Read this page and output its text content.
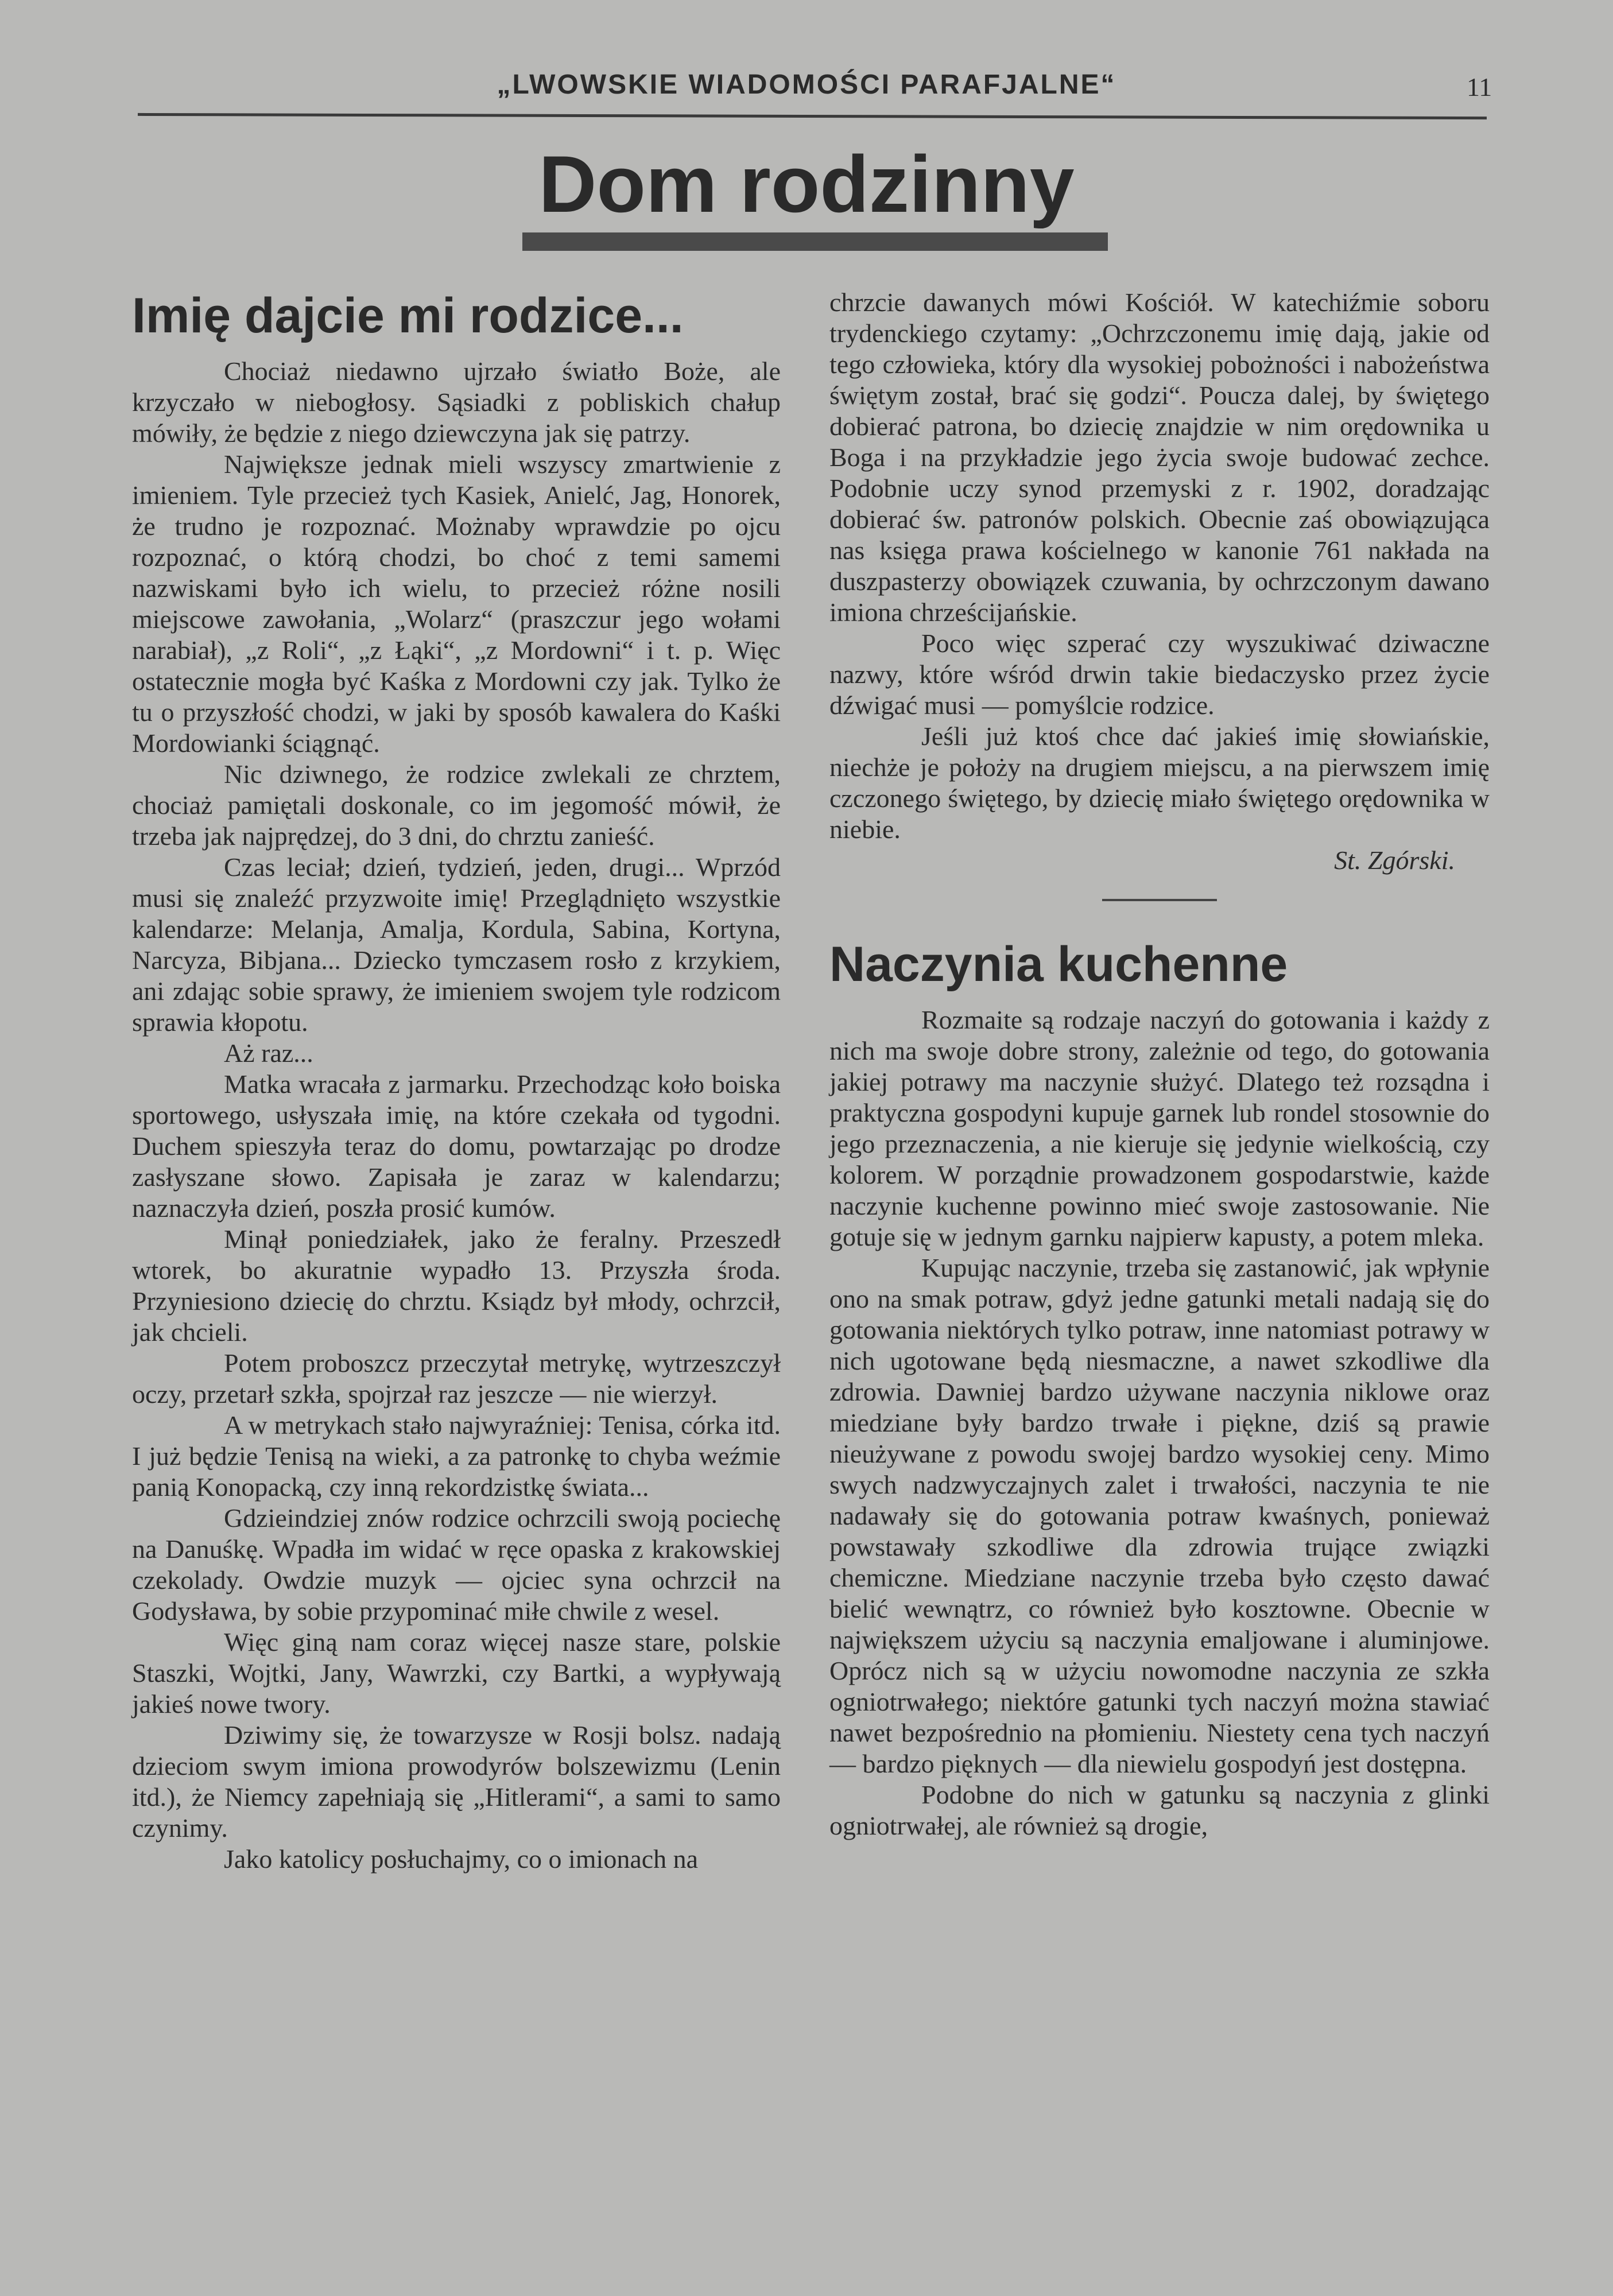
„LWOWSKIE WIADOMOŚCI PARAFJALNE“	11
Dom rodzinny
Imię dajcie mi rodzice...

Chociaż niedawno ujrzało światło Boże, ale krzyczało w niebogłosy. Sąsiadki z pobliskich chałup mówiły, że będzie z niego dziewczyna jak się patrzy.

Największe jednak mieli wszyscy zmartwienie z imieniem. Tyle przecież tych Kasiek, Anielć, Jag, Honorek, że trudno je rozpoznać. Możnaby wprawdzie po ojcu rozpoznać, o którą chodzi, bo choć z temi samemi nazwiskami było ich wielu, to przecież różne nosili miejscowe zawołania, „Wolarz“ (praszczur jego wołami narabiał), „z Roli“, „z Łąki“, „z Mordowni“ i t. p. Więc ostatecznie mogła być Kaśka z Mordowni czy jak. Tylko że tu o przyszłość chodzi, w jaki by sposób kawalera do Kaśki Mordowianki ściągnąć.

Nic dziwnego, że rodzice zwlekali ze chrztem, chociaż pamiętali doskonale, co im jegomość mówił, że trzeba jak najprędzej, do 3 dni, do chrztu zanieść.

Czas leciał; dzień, tydzień, jeden, drugi... Wprzód musi się znaleźć przyzwoite imię! Przeglądnięto wszystkie kalendarze: Melanja, Amalja, Kordula, Sabina, Kortyna, Narcyza, Bibjana... Dziecko tymczasem rosło z krzykiem, ani zdając sobie sprawy, że imieniem swojem tyle rodzicom sprawia kłopotu.

Aż raz...

Matka wracała z jarmarku. Przechodząc koło boiska sportowego, usłyszała imię, na które czekała od tygodni. Duchem spieszyła teraz do domu, powtarzając po drodze zasłyszane słowo. Zapisała je zaraz w kalendarzu; naznaczyła dzień, poszła prosić kumów.

Minął poniedziałek, jako że feralny. Przeszedł wtorek, bo akuratnie wypadło 13. Przyszła środa. Przyniesiono dziecię do chrztu. Ksiądz był młody, ochrzcił, jak chcieli.

Potem proboszcz przeczytał metrykę, wytrzeszczył oczy, przetarł szkła, spojrzał raz jeszcze — nie wierzył.

A w metrykach stało najwyraźniej: Tenisa, córka itd. I już będzie Tenisą na wieki, a za patronkę to chyba weźmie panią Konopacką, czy inną rekordzistkę świata...

Gdzieindziej znów rodzice ochrzcili swoją pociechę na Danuśkę. Wpadła im widać w ręce opaska z krakowskiej czekolady. Owdzie muzyk — ojciec syna ochrzcił na Godysława, by sobie przypominać miłe chwile z wesel.

Więc giną nam coraz więcej nasze stare, polskie Staszki, Wojtki, Jany, Wawrzki, czy Bartki, a wypływają jakieś nowe twory.

Dziwimy się, że towarzysze w Rosji bolsz. nadają dzieciom swym imiona prowodyrów bolszewizmu (Lenin itd.), że Niemcy zapełniają się „Hitlerami“, a sami to samo czynimy.

Jako katolicy posłuchajmy, co o imionach na

chrzcie dawanych mówi Kościół. W katechiźmie soboru trydenckiego czytamy: „Ochrzczonemu imię dają, jakie od tego człowieka, który dla wysokiej pobożności i nabożeństwa świętym został, brać się godzi“. Poucza dalej, by świętego dobierać patrona, bo dziecię znajdzie w nim orędownika u Boga i na przykładzie jego życia swoje budować zechce. Podobnie uczy synod przemyski z r. 1902, doradzając dobierać św. patronów polskich. Obecnie zaś obowiązująca nas księga prawa kościelnego w kanonie 761 nakłada na duszpasterzy obowiązek czuwania, by ochrzczonym dawano imiona chrześcijańskie.

Poco więc szperać czy wyszukiwać dziwaczne nazwy, które wśród drwin takie biedaczysko przez życie dźwigać musi — pomyślcie rodzice.

Jeśli już ktoś chce dać jakieś imię słowiańskie, niechże je położy na drugiem miejscu, a na pierwszem imię czczonego świętego, by dziecię miało świętego orędownika w niebie.

St. Zgórski.

Naczynia kuchenne

Rozmaite są rodzaje naczyń do gotowania i każdy z nich ma swoje dobre strony, zależnie od tego, do gotowania jakiej potrawy ma naczynie służyć. Dlatego też rozsądna i praktyczna gospodyni kupuje garnek lub rondel stosownie do jego przeznaczenia, a nie kieruje się jedynie wielkością, czy kolorem. W porządnie prowadzonem gospodarstwie, każde naczynie kuchenne powinno mieć swoje zastosowanie. Nie gotuje się w jednym garnku najpierw kapusty, a potem mleka.

Kupując naczynie, trzeba się zastanowić, jak wpłynie ono na smak potraw, gdyż jedne gatunki metali nadają się do gotowania niektórych tylko potraw, inne natomiast potrawy w nich ugotowane będą niesmaczne, a nawet szkodliwe dla zdrowia. Dawniej bardzo używane naczynia niklowe oraz miedziane były bardzo trwałe i piękne, dziś są prawie nieużywane z powodu swojej bardzo wysokiej ceny. Mimo swych nadzwyczajnych zalet i trwałości, naczynia te nie nadawały się do gotowania potraw kwaśnych, ponieważ powstawały szkodliwe dla zdrowia trujące związki chemiczne. Miedziane naczynie trzeba było często dawać bielić wewnątrz, co również było kosztowne. Obecnie w największem użyciu są naczynia emaljowane i aluminjowe. Oprócz nich są w użyciu nowomodne naczynia ze szkła ogniotrwałego; niektóre gatunki tych naczyń można stawiać nawet bezpośrednio na płomieniu. Niestety cena tych naczyń — bardzo pięknych — dla niewielu gospodyń jest dostępna.

Podobne do nich w gatunku są naczynia z glinki ogniotrwałej, ale również są drogie,
